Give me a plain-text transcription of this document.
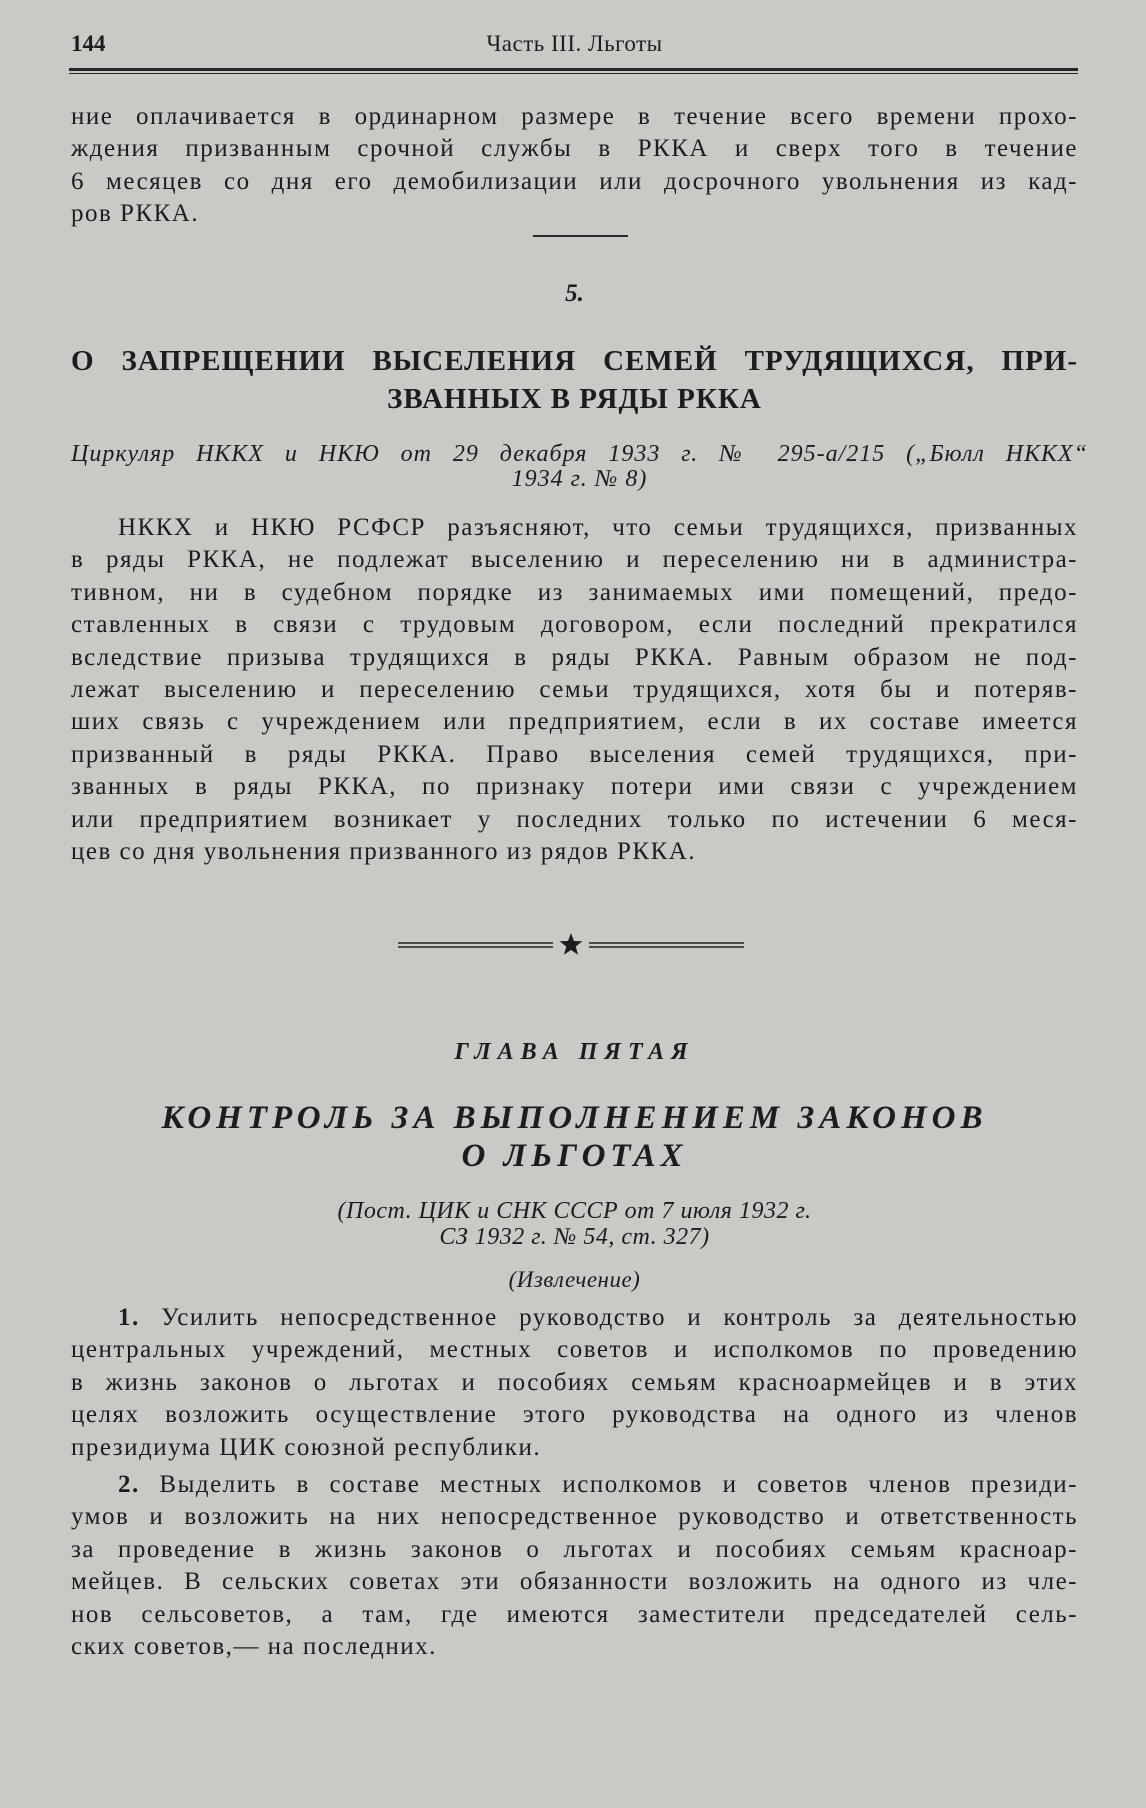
144	Часть III. Льготы
ние оплачивается в ординарном размере в течение всего времени прохо-
ждения призванным срочной службы в РККА и сверх того в течение
6 месяцев со дня его демобилизации или досрочного увольнения из кад-
ров РККА.
5.
О ЗАПРЕЩЕНИИ ВЫСЕЛЕНИЯ СЕМЕЙ ТРУДЯЩИХСЯ, ПРИ-
ЗВАННЫХ В РЯДЫ РККА
Циркуляр НККХ и НКЮ от 29 декабря 1933 г. № 295-а/215 („Бюлл НККХ“
1934 г. № 8)
НККХ и НКЮ РСФСР разъясняют, что семьи трудящихся, призванных
в ряды РККА, не подлежат выселению и переселению ни в администра-
тивном, ни в судебном порядке из занимаемых ими помещений, предо-
ставленных в связи с трудовым договором, если последний прекратился
вследствие призыва трудящихся в ряды РККА. Равным образом не под-
лежат выселению и переселению семьи трудящихся, хотя бы и потеряв-
ших связь с учреждением или предприятием, если в их составе имеется
призванный в ряды РККА. Право выселения семей трудящихся, при-
званных в ряды РККА, по признаку потери ими связи с учреждением
или предприятием возникает у последних только по истечении 6 меся-
цев со дня увольнения призванного из рядов РККА.
ГЛАВА ПЯТАЯ
КОНТРОЛЬ ЗА ВЫПОЛНЕНИЕМ ЗАКОНОВ
О ЛЬГОТАХ
(Пост. ЦИК и СНК СССР от 7 июля 1932 г.
СЗ 1932 г. № 54, ст. 327)
(Извлечение)
1. Усилить непосредственное руководство и контроль за деятельностью
центральных учреждений, местных советов и исполкомов по проведению
в жизнь законов о льготах и пособиях семьям красноармейцев и в этих
целях возложить осуществление этого руководства на одного из членов
президиума ЦИК союзной республики.
2. Выделить в составе местных исполкомов и советов членов президи-
умов и возложить на них непосредственное руководство и ответственность
за проведение в жизнь законов о льготах и пособиях семьям красноар-
мейцев. В сельских советах эти обязанности возложить на одного из чле-
нов сельсоветов, а там, где имеются заместители председателей сель-
ских советов,— на последних.
